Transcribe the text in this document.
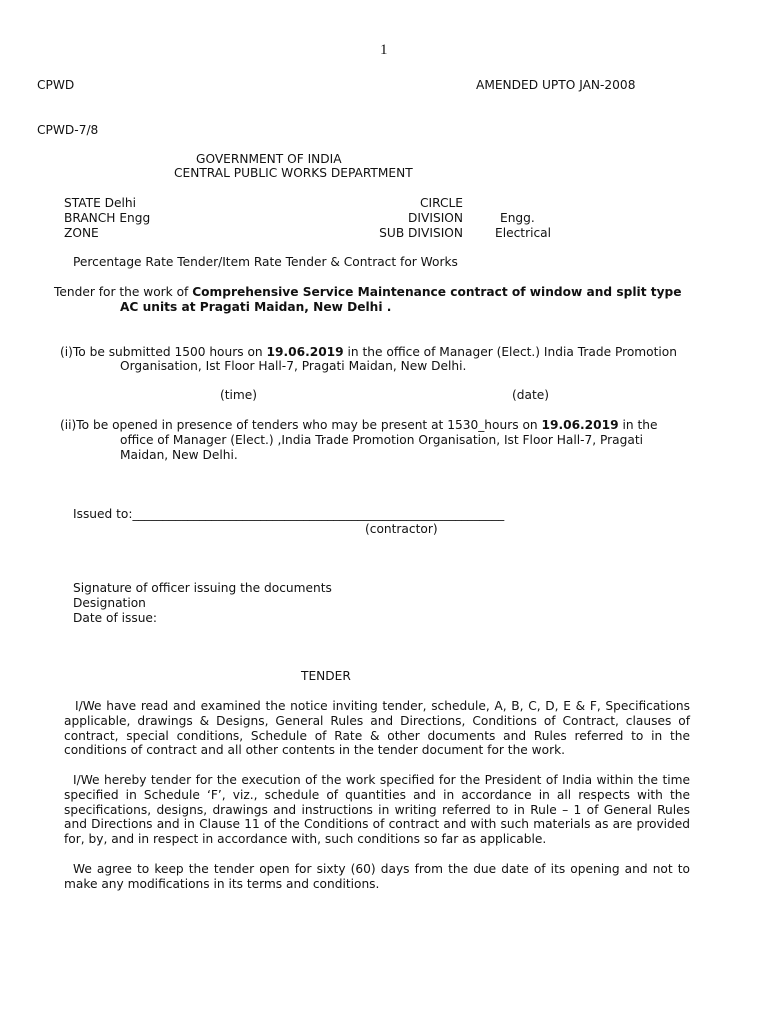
1
CPWD	AMENDED UPTO JAN-2008
CPWD-7/8
GOVERNMENT OF INDIA
CENTRAL PUBLIC WORKS DEPARTMENT
STATE Delhi
BRANCH Engg
ZONE
CIRCLE
DIVISION
SUB DIVISION
Engg.
Electrical
Percentage Rate Tender/Item Rate Tender & Contract for Works
Tender for the work of Comprehensive Service Maintenance contract of window and split type
AC units at Pragati Maidan, New Delhi .
(i)To be submitted 1500 hours on 19.06.2019 in the office of Manager (Elect.) India Trade Promotion
Organisation, Ist Floor Hall-7, Pragati Maidan, New Delhi.
(time)	(date)
(ii)To be opened in presence of tenders who may be present at 1530_hours on 19.06.2019 in the
office of Manager (Elect.) ,India Trade Promotion Organisation, Ist Floor Hall-7, Pragati
Maidan, New Delhi.
Issued to:_____________________________________________________________
(contractor)
Signature of officer issuing the documents
Designation
Date of issue:
TENDER
I/We have read and examined the notice inviting tender, schedule, A, B, C, D, E & F, Specifications applicable, drawings & Designs, General Rules and Directions, Conditions of Contract, clauses of contract, special conditions, Schedule of Rate & other documents and Rules referred to in the conditions of contract and all other contents in the tender document for the work.
I/We hereby tender for the execution of the work specified for the President of India within the time specified in Schedule ‘F’, viz., schedule of quantities and in accordance in all respects with the specifications, designs, drawings and instructions in writing referred to in Rule – 1 of General Rules and Directions and in Clause 11 of the Conditions of contract and with such materials as are provided for, by, and in respect in accordance with, such conditions so far as applicable.
We agree to keep the tender open for sixty (60) days from the due date of its opening and not to make any modifications in its terms and conditions.
